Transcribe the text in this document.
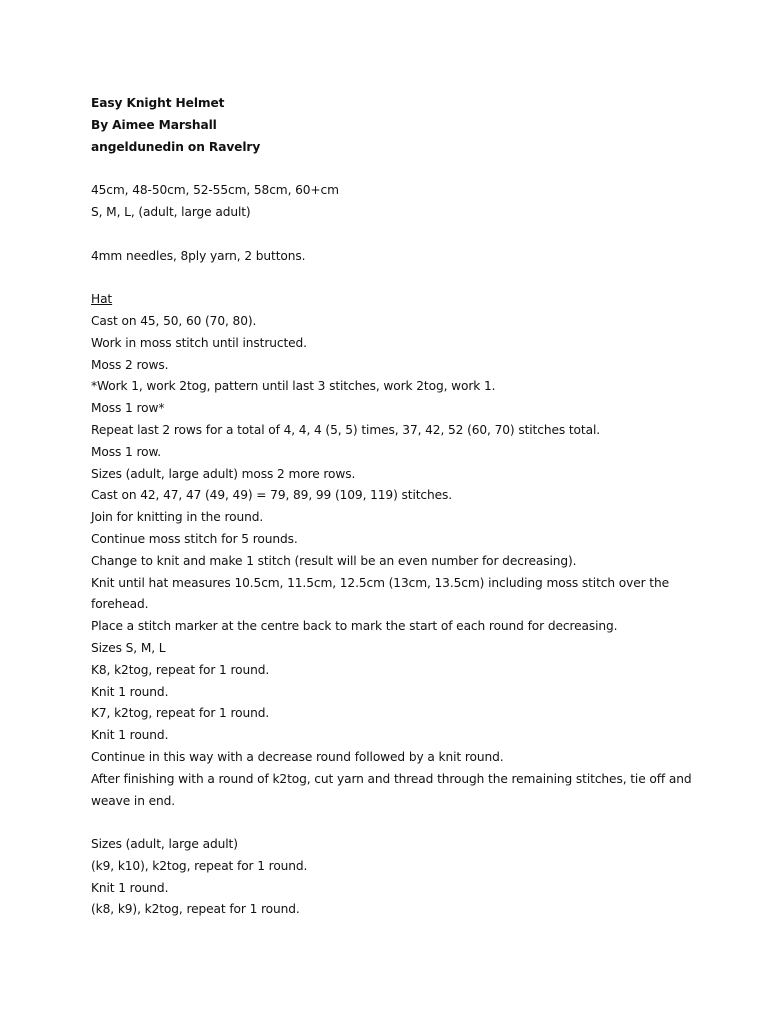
Easy Knight Helmet
By Aimee Marshall
angeldunedin on Ravelry
45cm, 48-50cm, 52-55cm, 58cm, 60+cm
S, M, L, (adult, large adult)
4mm needles, 8ply yarn, 2 buttons.
Hat
Cast on 45, 50, 60 (70, 80).
Work in moss stitch until instructed.
Moss 2 rows.
*Work 1, work 2tog, pattern until last 3 stitches, work 2tog, work 1.
Moss 1 row*
Repeat last 2 rows for a total of 4, 4, 4 (5, 5) times, 37, 42, 52 (60, 70) stitches total.
Moss 1 row.
Sizes (adult, large adult) moss 2 more rows.
Cast on 42, 47, 47 (49, 49) = 79, 89, 99 (109, 119) stitches.
Join for knitting in the round.
Continue moss stitch for 5 rounds.
Change to knit and make 1 stitch (result will be an even number for decreasing).
Knit until hat measures 10.5cm, 11.5cm, 12.5cm (13cm, 13.5cm) including moss stitch over the forehead.
Place a stitch marker at the centre back to mark the start of each round for decreasing.
Sizes S, M, L
K8, k2tog, repeat for 1 round.
Knit 1 round.
K7, k2tog, repeat for 1 round.
Knit 1 round.
Continue in this way with a decrease round followed by a knit round.
After finishing with a round of k2tog, cut yarn and thread through the remaining stitches, tie off and weave in end.
Sizes (adult, large adult)
(k9, k10), k2tog, repeat for 1 round.
Knit 1 round.
(k8, k9), k2tog, repeat for 1 round.
